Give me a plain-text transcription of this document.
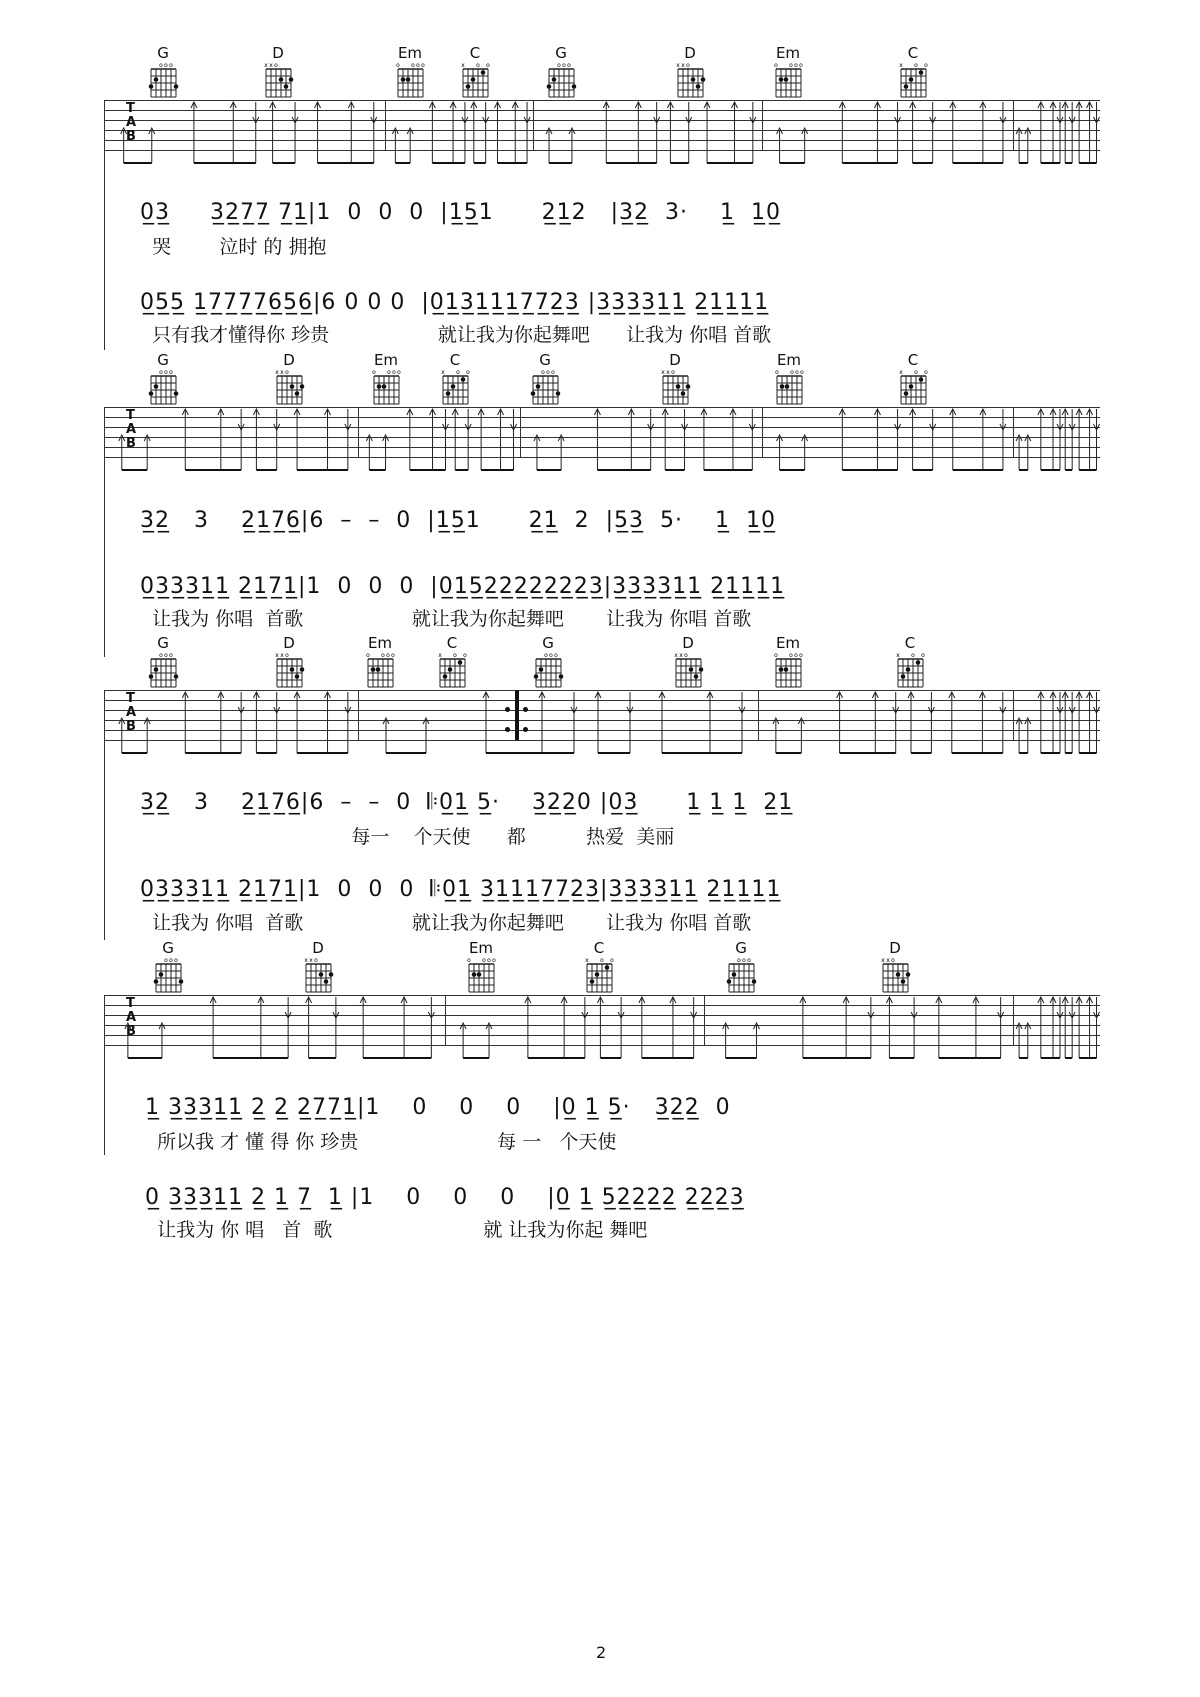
G
o o o
D
x x o
Em
o o o o
C
x o o
G
o o o
D
x x o
Em
o o o o
C
x o o
T
A
B
0̲3̲     3̲2̲7̲7̲ 7̲1̲|1  0  0  0  |1̲5̲1      2̲1̲2   |3̲2̲  3·    1̲  1̲0̲
哭        泣时 的 拥抱
0̲5̲5̲ 1̲7̲7̲7̲7̲6̲5̲6̲|6 0 0 0  |0̲1̲3̲1̲1̲1̲7̲7̲2̲3̲ |3̲3̲3̲3̲1̲1̲ 2̲1̲1̲1̲1̲
只有我才懂得你 珍贵                  就让我为你起舞吧      让我为 你唱 首歌
G
o o o
D
x x o
Em
o o o o
C
x o o
G
o o o
D
x x o
Em
o o o o
C
x o o
T
A
B
3̲2̲   3    2̲1̲7̲6̲|6  –  –  0  |1̲5̲1      2̲1̲  2  |5̲3̲  5·    1̲  1̲0̲
0̲3̲3̲3̲1̲1̲ 2̲1̲7̲1̲|1  0  0  0  |0̲1̲5̲2̲2̲2̲2̲2̲2̲2̲3̲|3̲3̲3̲3̲1̲1̲ 2̲1̲1̲1̲1̲
让我为 你唱  首歌                  就让我为你起舞吧       让我为 你唱 首歌
G
o o o
D
x x o
Em
o o o o
C
x o o
G
o o o
D
x x o
Em
o o o o
C
x o o
T
A
B
3̲2̲   3    2̲1̲7̲6̲|6  –  –  0  𝄆0̲1̲ 5̲·    3̲2̲2̲0 |0̲3̲      1̲ 1̲ 1̲  2̲1̲
每一    个天使      都          热爱  美丽
0̲3̲3̲3̲1̲1̲ 2̲1̲7̲1̲|1  0  0  0  𝄆0̲1̲ 3̲1̲1̲1̲7̲7̲2̲3̲|3̲3̲3̲3̲1̲1̲ 2̲1̲1̲1̲1̲
让我为 你唱  首歌                  就让我为你起舞吧       让我为 你唱 首歌
G
o o o
D
x x o
Em
o o o o
C
x o o
G
o o o
D
x x o
T
A
B
1̲ 3̲3̲3̲1̲1̲ 2̲ 2̲ 2̲7̲7̲1̲|1    0    0    0    |0̲ 1̲ 5̲·   3̲2̲2̲  0
所以我 才 懂 得 你 珍贵                       每 一   个天使
0̲ 3̲3̲3̲1̲1̲ 2̲ 1̲ 7̲  1̲ |1    0    0    0    |0̲ 1̲ 5̲2̲2̲2̲2̲ 2̲2̲2̲3̲
让我为 你 唱   首  歌                         就 让我为你起 舞吧
2
